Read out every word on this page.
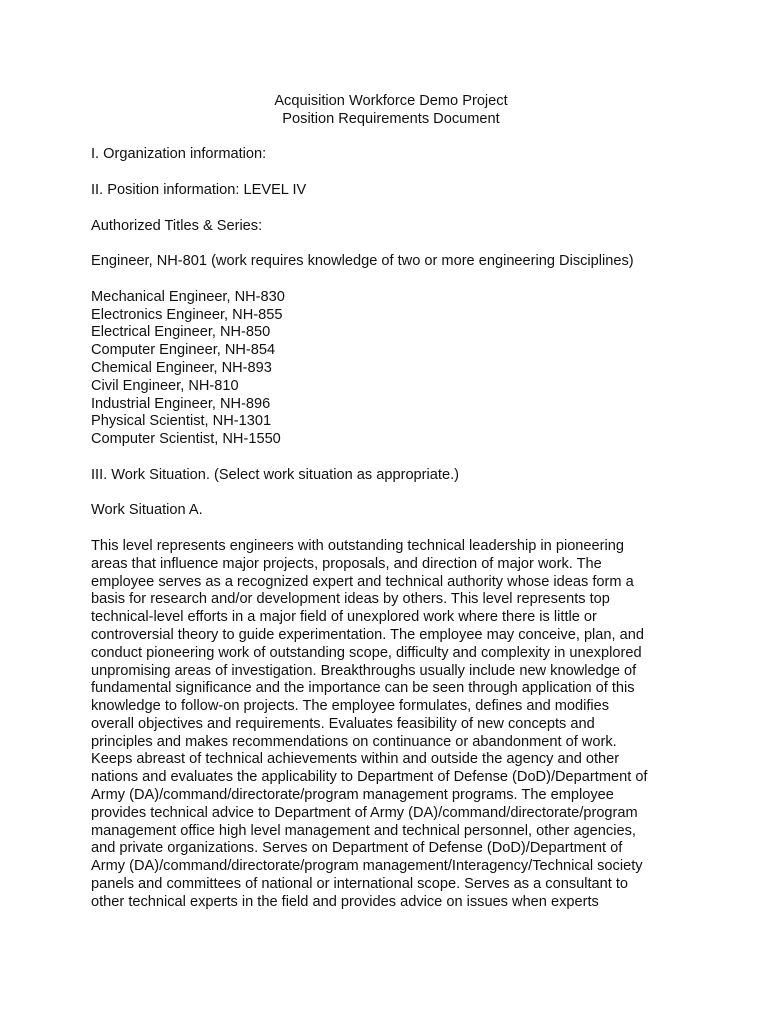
Acquisition Workforce Demo Project
Position Requirements Document
I. Organization information:
II. Position information: LEVEL IV
Authorized Titles & Series:
Engineer, NH-801 (work requires knowledge of two or more engineering Disciplines)
Mechanical Engineer, NH-830
Electronics Engineer, NH-855
Electrical Engineer, NH-850
Computer Engineer, NH-854
Chemical Engineer, NH-893
Civil Engineer, NH-810
Industrial Engineer, NH-896
Physical Scientist, NH-1301
Computer Scientist, NH-1550
III. Work Situation. (Select work situation as appropriate.)
Work Situation A.
This level represents engineers with outstanding technical leadership in pioneering
areas that influence major projects, proposals, and direction of major work. The
employee serves as a recognized expert and technical authority whose ideas form a
basis for research and/or development ideas by others. This level represents top
technical-level efforts in a major field of unexplored work where there is little or
controversial theory to guide experimentation. The employee may conceive, plan, and
conduct pioneering work of outstanding scope, difficulty and complexity in unexplored
unpromising areas of investigation. Breakthroughs usually include new knowledge of
fundamental significance and the importance can be seen through application of this
knowledge to follow-on projects. The employee formulates, defines and modifies
overall objectives and requirements. Evaluates feasibility of new concepts and
principles and makes recommendations on continuance or abandonment of work.
Keeps abreast of technical achievements within and outside the agency and other
nations and evaluates the applicability to Department of Defense (DoD)/Department of
Army (DA)/command/directorate/program management programs. The employee
provides technical advice to Department of Army (DA)/command/directorate/program
management office high level management and technical personnel, other agencies,
and private organizations. Serves on Department of Defense (DoD)/Department of
Army (DA)/command/directorate/program management/Interagency/Technical society
panels and committees of national or international scope. Serves as a consultant to
other technical experts in the field and provides advice on issues when experts
